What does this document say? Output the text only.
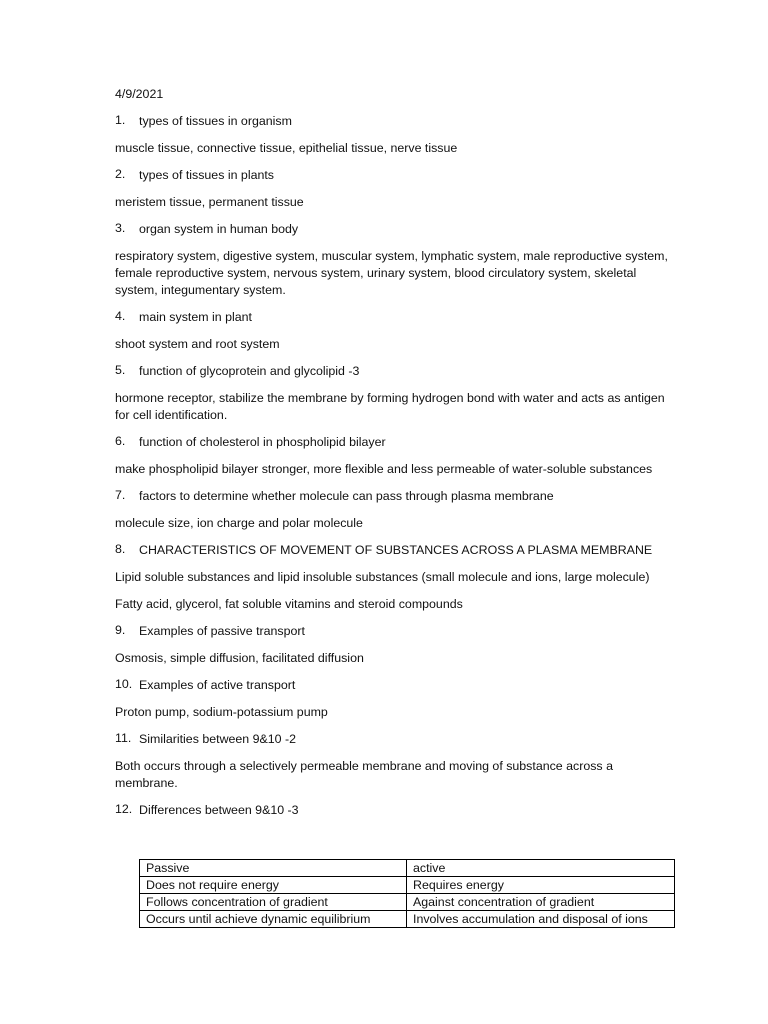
4/9/2021

1.	types of tissues in organism

muscle tissue, connective tissue, epithelial tissue, nerve tissue

2.	types of tissues in plants

meristem tissue, permanent tissue

3.	organ system in human body

respiratory system, digestive system, muscular system, lymphatic system, male reproductive system, female reproductive system, nervous system, urinary system, blood circulatory system, skeletal system, integumentary system.

4.	main system in plant

shoot system and root system

5.	function of glycoprotein and glycolipid -3

hormone receptor, stabilize the membrane by forming hydrogen bond with water and acts as antigen for cell identification.

6.	function of cholesterol in phospholipid bilayer

make phospholipid bilayer stronger, more flexible and less permeable of water-soluble substances

7.	factors to determine whether molecule can pass through plasma membrane

molecule size, ion charge and polar molecule

8.	CHARACTERISTICS OF MOVEMENT OF SUBSTANCES ACROSS A PLASMA MEMBRANE

Lipid soluble substances and lipid insoluble substances (small molecule and ions, large molecule)

Fatty acid, glycerol, fat soluble vitamins and steroid compounds

9.	Examples of passive transport

Osmosis, simple diffusion, facilitated diffusion

10. Examples of active transport

Proton pump, sodium-potassium pump

11. Similarities between 9&10 -2

Both occurs through a selectively permeable membrane and moving of substance across a membrane.

12. Differences between 9&10 -3
Passive	active
Does not require energy	Requires energy
Follows concentration of gradient	Against concentration of gradient
Occurs until achieve dynamic equilibrium	Involves accumulation and disposal of ions
